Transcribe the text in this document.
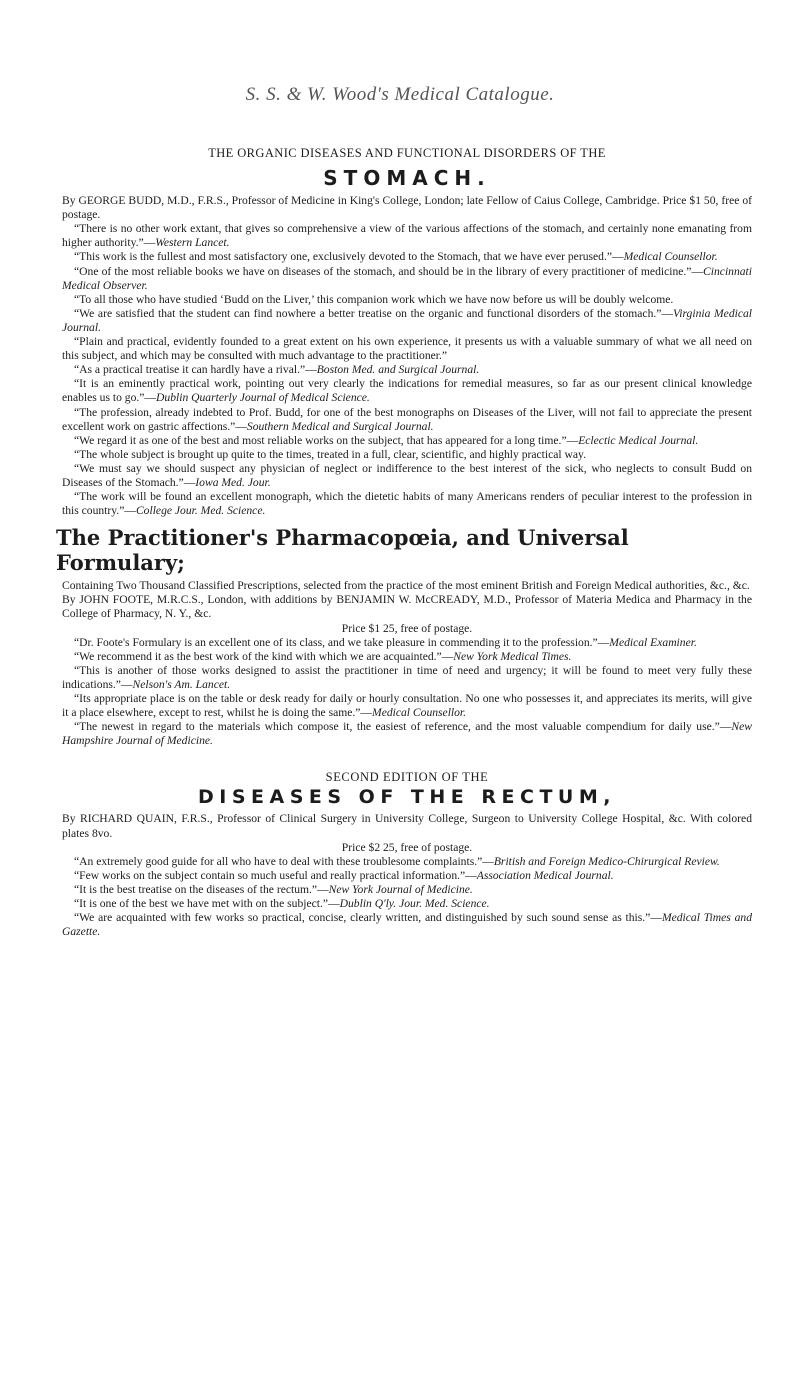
S. S. & W. Wood's Medical Catalogue.

THE ORGANIC DISEASES AND FUNCTIONAL DISORDERS OF THE

STOMACH.

By GEORGE BUDD, M.D., F.R.S., Professor of Medicine in King's College, London; late Fellow of Caius College, Cambridge. Price $1 50, free of postage.

“There is no other work extant, that gives so comprehensive a view of the various affections of the stomach, and certainly none emanating from higher authority.”—Western Lancet.

“This work is the fullest and most satisfactory one, exclusively devoted to the Stomach, that we have ever perused.”—Medical Counsellor.

“One of the most reliable books we have on diseases of the stomach, and should be in the library of every practitioner of medicine.”—Cincinnati Medical Observer.

“To all those who have studied ‘Budd on the Liver,’ this companion work which we have now before us will be doubly welcome.

“We are satisfied that the student can find nowhere a better treatise on the organic and functional disorders of the stomach.”—Virginia Medical Journal.

“Plain and practical, evidently founded to a great extent on his own experience, it presents us with a valuable summary of what we all need on this subject, and which may be consulted with much advantage to the practitioner.”

“As a practical treatise it can hardly have a rival.”—Boston Med. and Surgical Journal.

“It is an eminently practical work, pointing out very clearly the indications for remedial measures, so far as our present clinical knowledge enables us to go.”—Dublin Quarterly Journal of Medical Science.

“The profession, already indebted to Prof. Budd, for one of the best monographs on Diseases of the Liver, will not fail to appreciate the present excellent work on gastric affections.”—Southern Medical and Surgical Journal.

“We regard it as one of the best and most reliable works on the subject, that has appeared for a long time.”—Eclectic Medical Journal.

“The whole subject is brought up quite to the times, treated in a full, clear, scientific, and highly practical way.

“We must say we should suspect any physician of neglect or indifference to the best interest of the sick, who neglects to consult Budd on Diseases of the Stomach.”—Iowa Med. Jour.

“The work will be found an excellent monograph, which the dietetic habits of many Americans renders of peculiar interest to the profession in this country.”—College Jour. Med. Science.

The Practitioner's Pharmacopœia, and Universal Formulary;

Containing Two Thousand Classified Prescriptions, selected from the practice of the most eminent British and Foreign Medical authorities, &c., &c.

By JOHN FOOTE, M.R.C.S., London, with additions by BENJAMIN W. McCREADY, M.D., Professor of Materia Medica and Pharmacy in the College of Pharmacy, N. Y., &c.

Price $1 25, free of postage.

“Dr. Foote's Formulary is an excellent one of its class, and we take pleasure in commending it to the profession.”—Medical Examiner.

“We recommend it as the best work of the kind with which we are acquainted.”—New York Medical Times.

“This is another of those works designed to assist the practitioner in time of need and urgency; it will be found to meet very fully these indications.”—Nelson's Am. Lancet.

“Its appropriate place is on the table or desk ready for daily or hourly consultation. No one who possesses it, and appreciates its merits, will give it a place elsewhere, except to rest, whilst he is doing the same.”—Medical Counsellor.

“The newest in regard to the materials which compose it, the easiest of reference, and the most valuable compendium for daily use.”—New Hampshire Journal of Medicine.

SECOND EDITION OF THE

DISEASES OF THE RECTUM,

By RICHARD QUAIN, F.R.S., Professor of Clinical Surgery in University College, Surgeon to University College Hospital, &c. With colored plates 8vo.

Price $2 25, free of postage.

“An extremely good guide for all who have to deal with these troublesome complaints.”—British and Foreign Medico-Chirurgical Review.

“Few works on the subject contain so much useful and really practical information.”—Association Medical Journal.

“It is the best treatise on the diseases of the rectum.”—New York Journal of Medicine.

“It is one of the best we have met with on the subject.”—Dublin Q'ly. Jour. Med. Science.

“We are acquainted with few works so practical, concise, clearly written, and distinguished by such sound sense as this.”—Medical Times and Gazette.
